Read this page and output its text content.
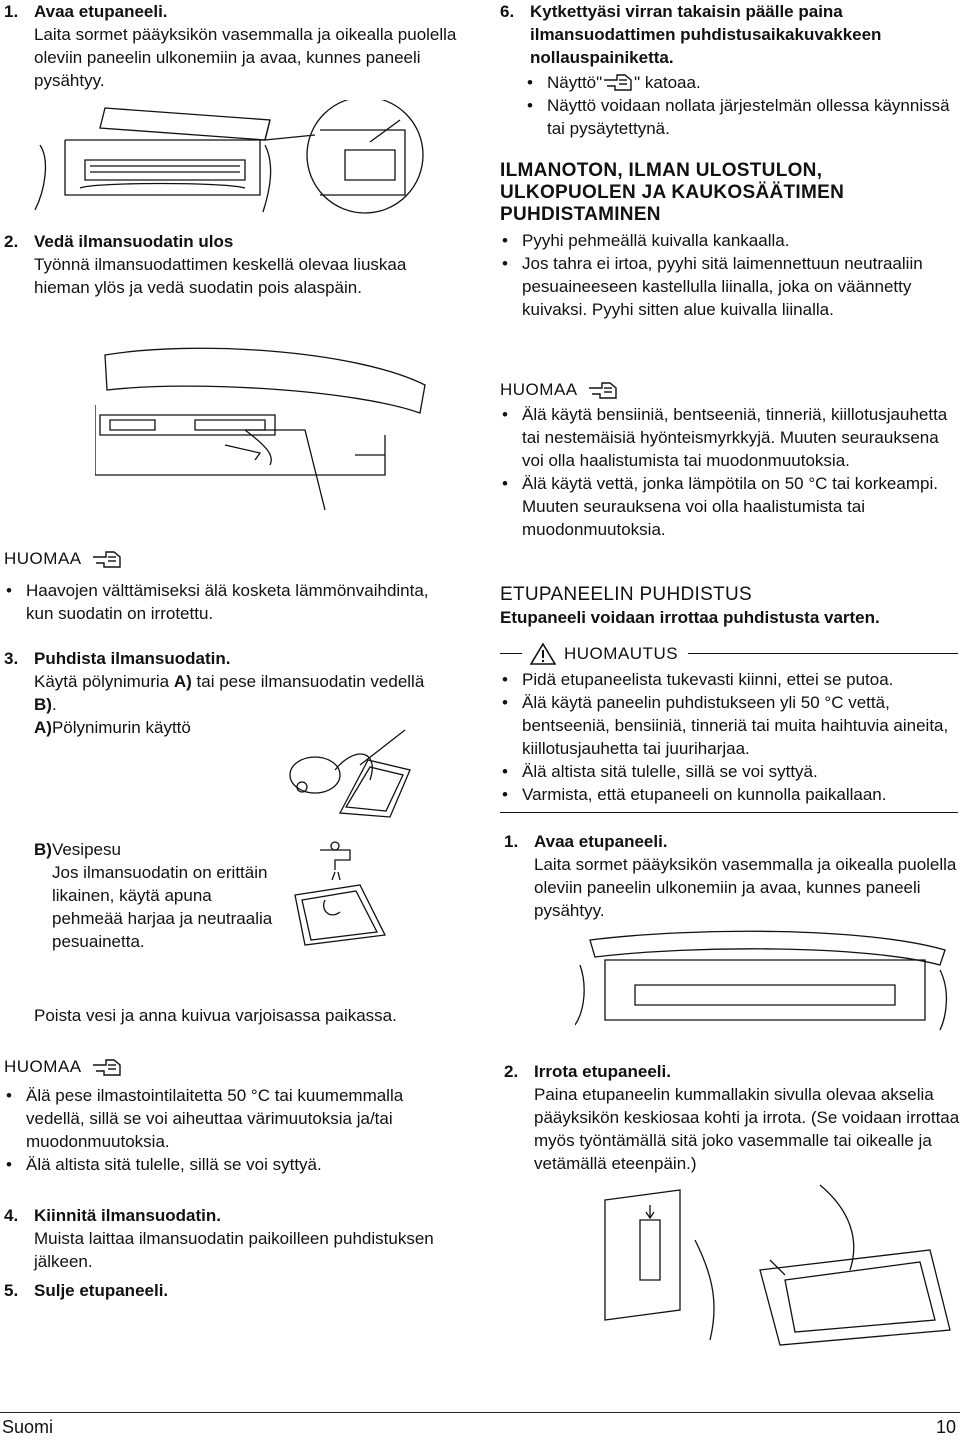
1. Avaa etupaneeli.
Laita sormet pääyksikön vasemmalla ja oikealla puolella oleviin paneelin ulkonemiin ja avaa, kunnes paneeli pysähtyy.
2. Vedä ilmansuodatin ulos
Työnnä ilmansuodattimen keskellä olevaa liuskaa hieman ylös ja vedä suodatin pois alaspäin.
HUOMAA
• Haavojen välttämiseksi älä kosketa lämmönvaihdinta, kun suodatin on irrotettu.
3. Puhdista ilmansuodatin.
Käytä pölynimuria A) tai pese ilmansuodatin vedellä B).
A)Pölynimurin käyttö
B)Vesipesu
Jos ilmansuodatin on erittäin likainen, käytä apuna pehmeää harjaa ja neutraalia pesuainetta.
Poista vesi ja anna kuivua varjoisassa paikassa.
HUOMAA
• Älä pese ilmastointilaitetta 50 °C tai kuumemmalla vedellä, sillä se voi aiheuttaa värimuutoksia ja/tai muodonmuutoksia.
• Älä altista sitä tulelle, sillä se voi syttyä.
4. Kiinnitä ilmansuodatin.
Muista laittaa ilmansuodatin paikoilleen puhdistuksen jälkeen.
5. Sulje etupaneeli.
6. Kytkettyäsi virran takaisin päälle paina ilmansuodattimen puhdistusaikakuvakkeen nollauspainiketta.
• Näyttö" " katoaa.
• Näyttö voidaan nollata järjestelmän ollessa käynnissä tai pysäytettynä.
ILMANOTON, ILMAN ULOSTULON, ULKOPUOLEN JA KAUKOSÄÄTIMEN PUHDISTAMINEN
• Pyyhi pehmeällä kuivalla kankaalla.
• Jos tahra ei irtoa, pyyhi sitä laimennettuun neutraaliin pesuaineeseen kastellulla liinalla, joka on väännetty kuivaksi. Pyyhi sitten alue kuivalla liinalla.
HUOMAA
• Älä käytä bensiiniä, bentseeniä, tinneriä, kiillotusjauhetta tai nestemäisiä hyönteismyrkkyjä. Muuten seurauksena voi olla haalistumista tai muodonmuutoksia.
• Älä käytä vettä, jonka lämpötila on 50 °C tai korkeampi. Muuten seurauksena voi olla haalistumista tai muodonmuutoksia.
ETUPANEELIN PUHDISTUS
Etupaneeli voidaan irrottaa puhdistusta varten.
HUOMAUTUS
• Pidä etupaneelista tukevasti kiinni, ettei se putoa.
• Älä käytä paneelin puhdistukseen yli 50 °C vettä, bentseeniä, bensiiniä, tinneriä tai muita haihtuvia aineita, kiillotusjauhetta tai juuriharjaa.
• Älä altista sitä tulelle, sillä se voi syttyä.
• Varmista, että etupaneeli on kunnolla paikallaan.
1. Avaa etupaneeli.
Laita sormet pääyksikön vasemmalla ja oikealla puolella oleviin paneelin ulkonemiin ja avaa, kunnes paneeli pysähtyy.
2. Irrota etupaneeli.
Paina etupaneelin kummallakin sivulla olevaa akselia pääyksikön keskiosaa kohti ja irrota. (Se voidaan irrottaa myös työntämällä sitä joko vasemmalle tai oikealle ja vetämällä eteenpäin.)
Suomi	10
